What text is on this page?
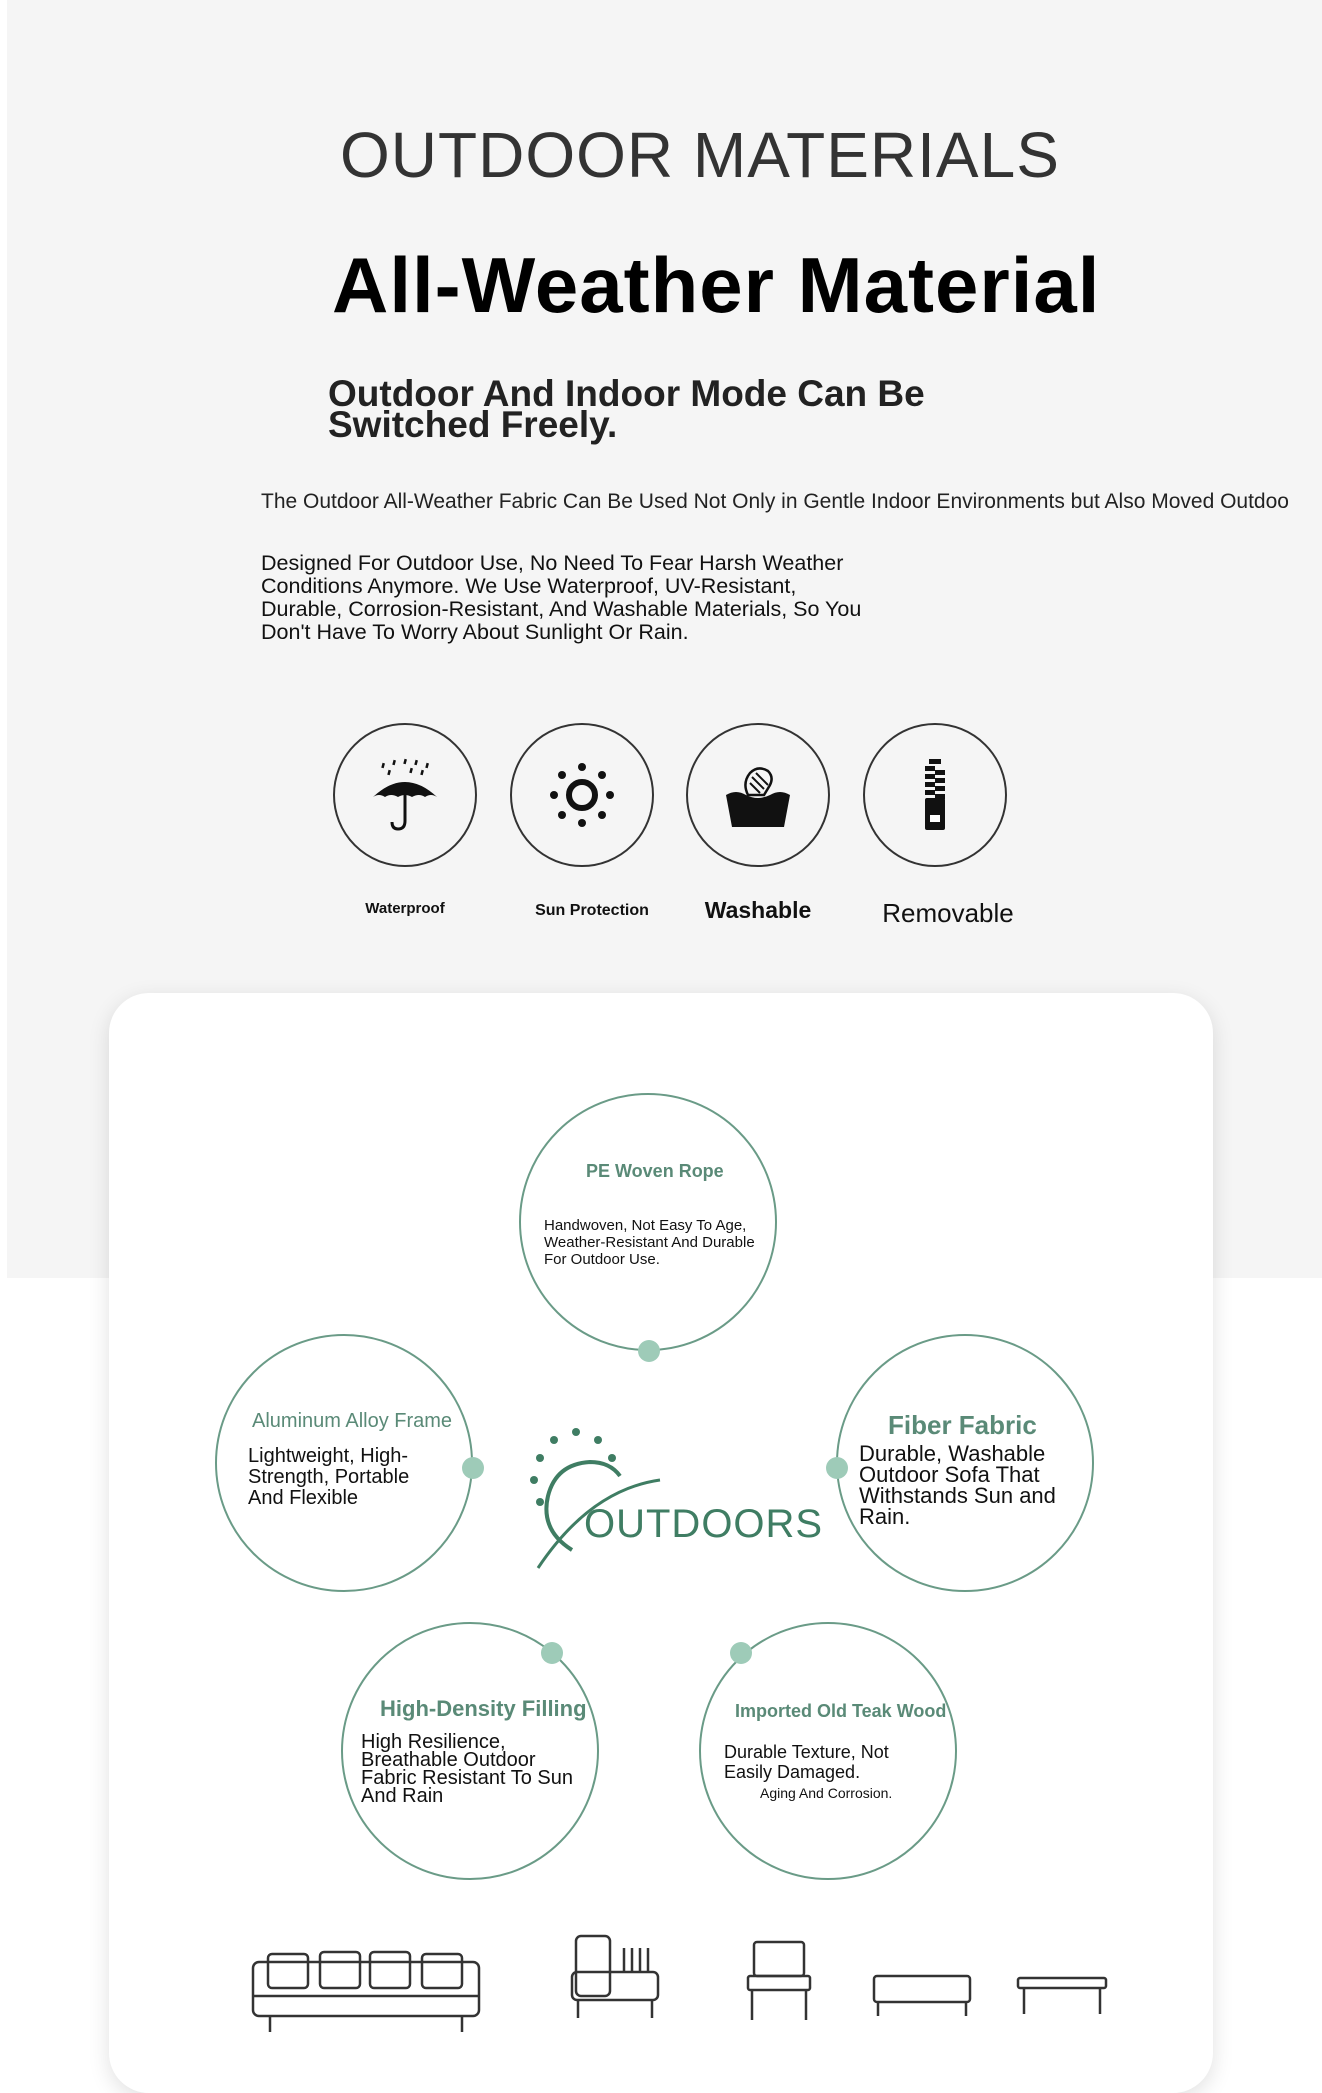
OUTDOOR MATERIALS
All-Weather Material
Outdoor And Indoor Mode Can Be Switched Freely.
The Outdoor All-Weather Fabric Can Be Used Not Only in Gentle Indoor Environments but Also Moved Outdoo
Designed For Outdoor Use, No Need To Fear Harsh Weather Conditions Anymore. We Use Waterproof, UV-Resistant, Durable, Corrosion-Resistant, And Washable Materials, So You Don't Have To Worry About Sunlight Or Rain.
Waterproof	Sun Protection	Washable	Removable
PE Woven Rope
Handwoven, Not Easy To Age, Weather-Resistant And Durable For Outdoor Use.
Aluminum Alloy Frame
Lightweight, High-Strength, Portable And Flexible
Fiber Fabric
Durable, Washable Outdoor Sofa That Withstands Sun and Rain.
High-Density Filling
High Resilience, Breathable Outdoor Fabric Resistant To Sun And Rain
Imported Old Teak Wood
Durable Texture, Not Easily Damaged.
Aging And Corrosion.
OUTDOORS
